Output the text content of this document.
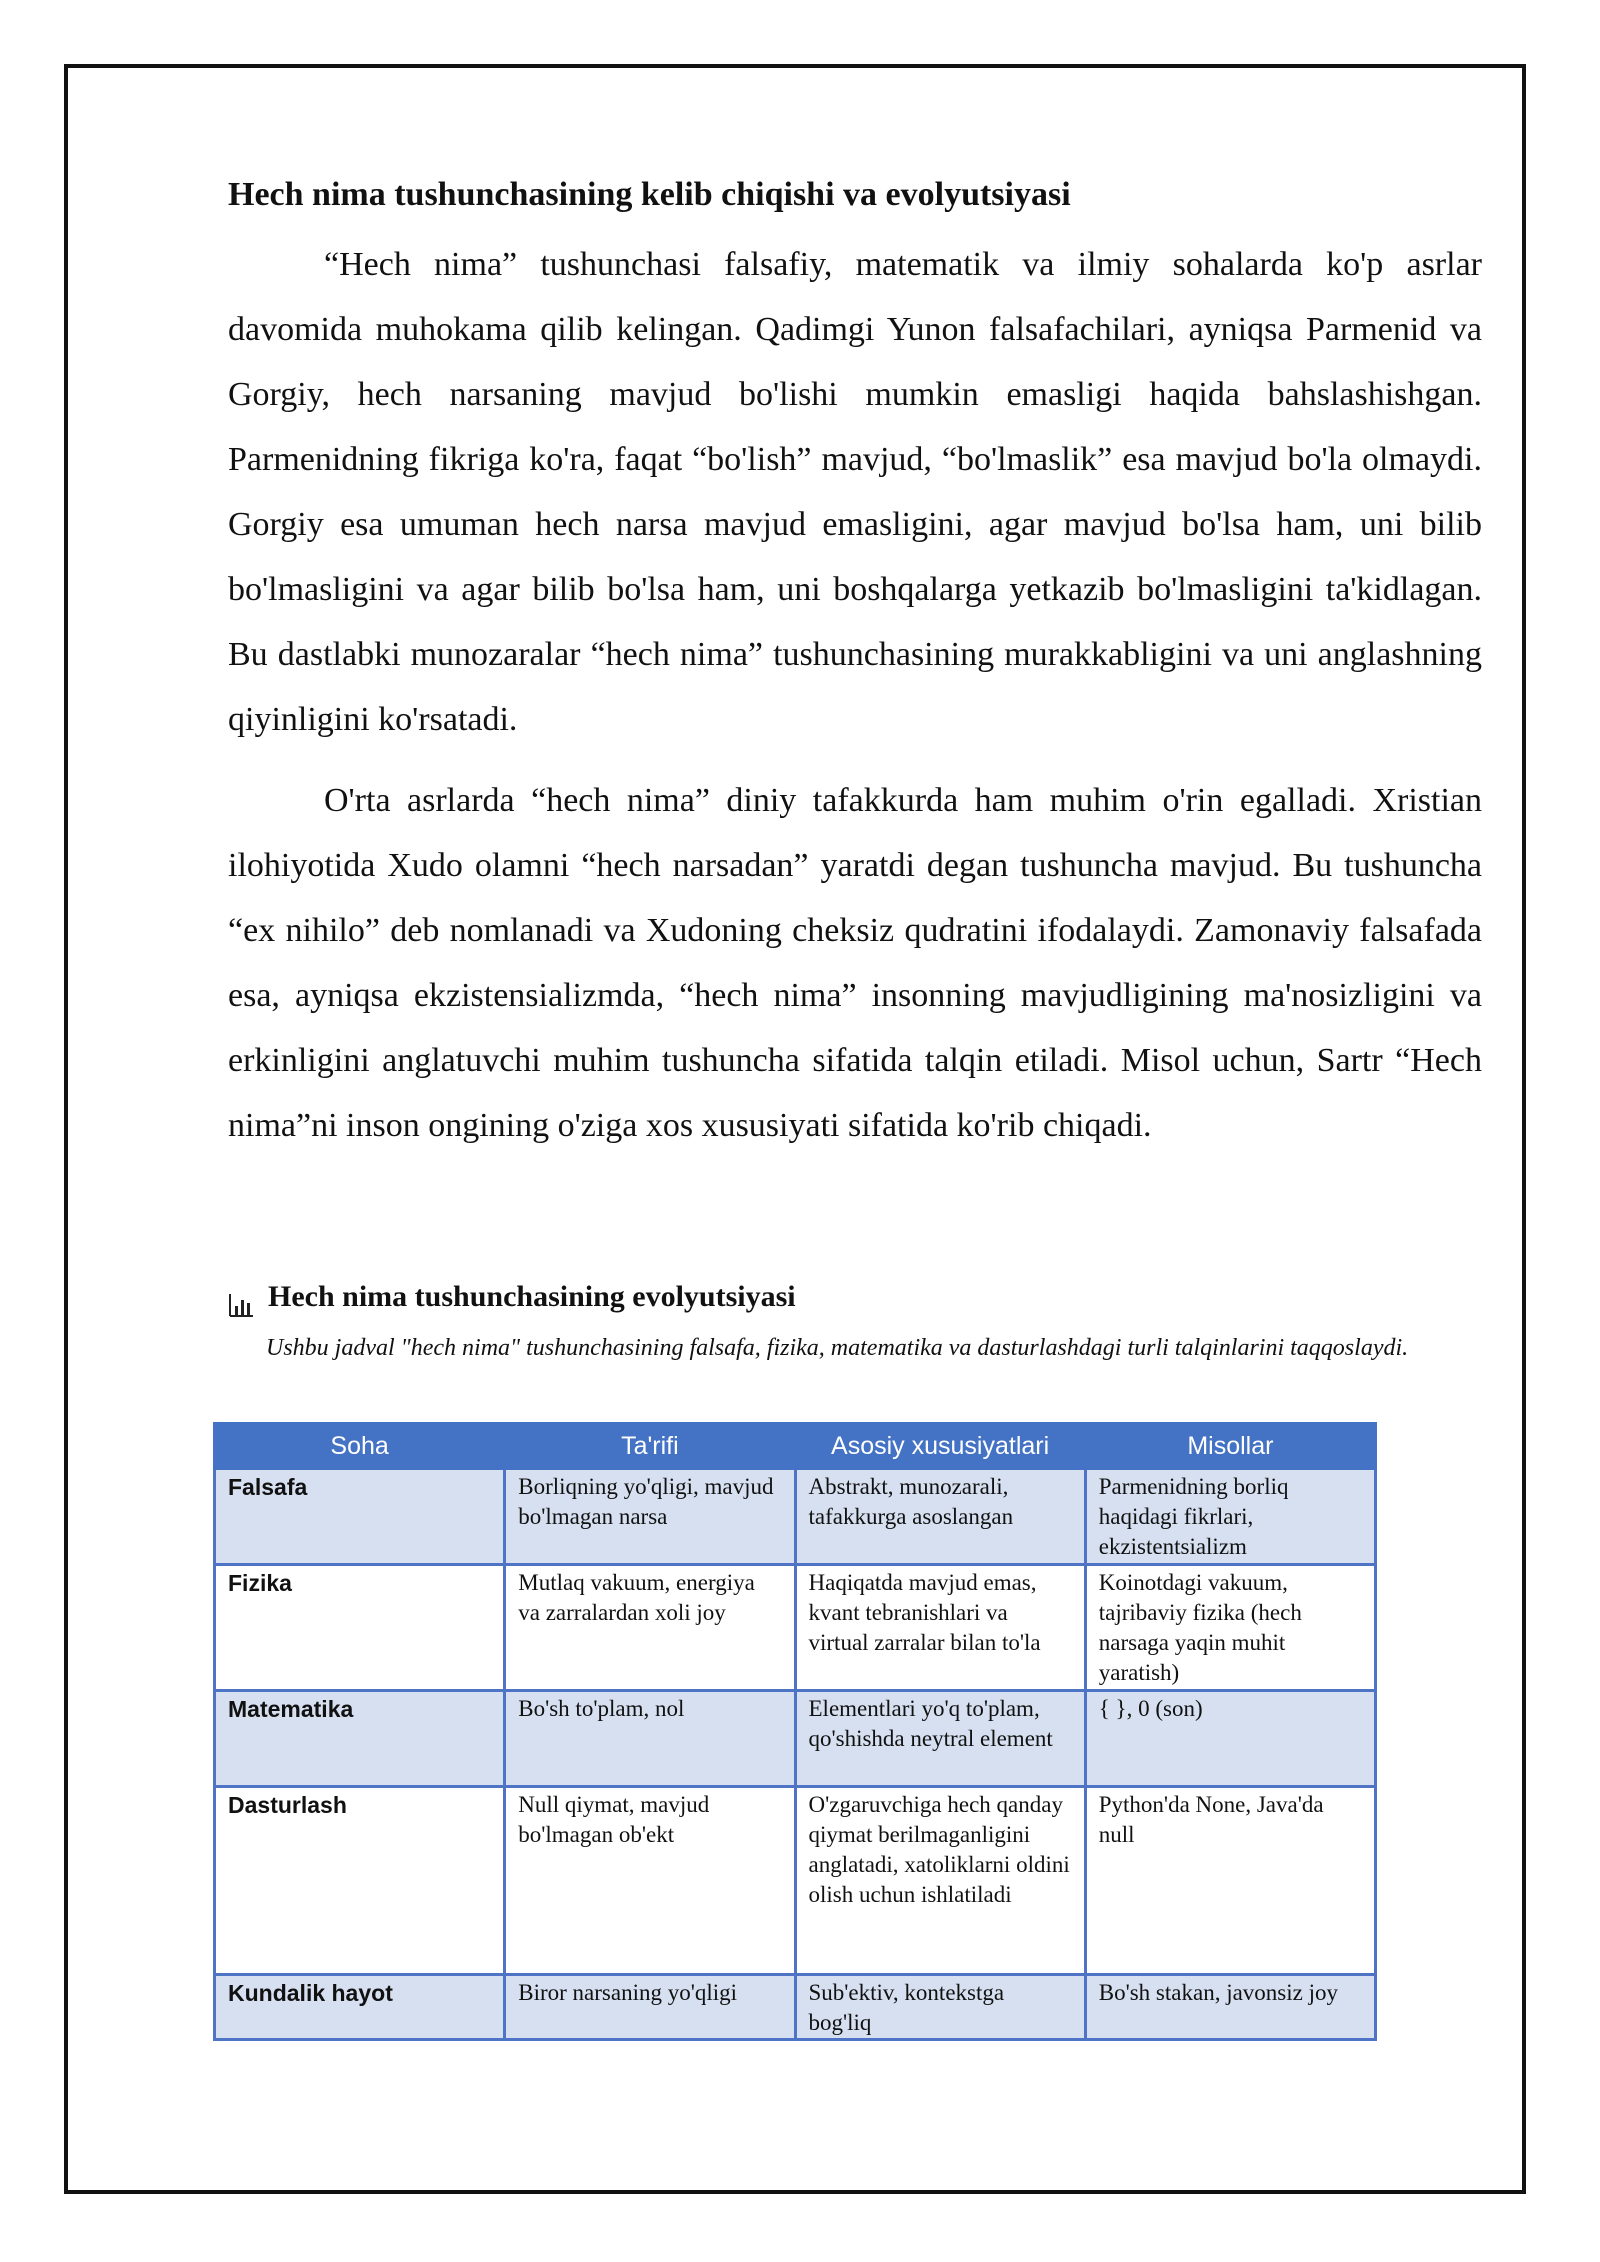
Hech nima tushunchasining kelib chiqishi va evolyutsiyasi

“Hech nima” tushunchasi falsafiy, matematik va ilmiy sohalarda ko'p asrlar davomida muhokama qilib kelingan. Qadimgi Yunon falsafachilari, ayniqsa Parmenid va Gorgiy, hech narsaning mavjud bo'lishi mumkin emasligi haqida bahslashishgan. Parmenidning fikriga ko'ra, faqat “bo'lish” mavjud, “bo'lmaslik” esa mavjud bo'la olmaydi. Gorgiy esa umuman hech narsa mavjud emasligini, agar mavjud bo'lsa ham, uni bilib bo'lmasligini va agar bilib bo'lsa ham, uni boshqalarga yetkazib bo'lmasligini ta'kidlagan. Bu dastlabki munozaralar “hech nima” tushunchasining murakkabligini va uni anglashning qiyinligini ko'rsatadi.

O'rta asrlarda “hech nima” diniy tafakkurda ham muhim o'rin egalladi. Xristian ilohiyotida Xudo olamni “hech narsadan” yaratdi degan tushuncha mavjud. Bu tushuncha “ex nihilo” deb nomlanadi va Xudoning cheksiz qudratini ifodalaydi. Zamonaviy falsafada esa, ayniqsa ekzistensializmda, “hech nima” insonning mavjudligining ma'nosizligini va erkinligini anglatuvchi muhim tushuncha sifatida talqin etiladi. Misol uchun, Sartr “Hech nima”ni inson ongining o'ziga xos xususiyati sifatida ko'rib chiqadi.

Hech nima tushunchasining evolyutsiyasi
Ushbu jadval "hech nima" tushunchasining falsafa, fizika, matematika va dasturlashdagi turli talqinlarini taqqoslaydi.
Soha	Ta'rifi	Asosiy xususiyatlari	Misollar
Falsafa	Borliqning yo'qligi, mavjud bo'lmagan narsa	Abstrakt, munozarali, tafakkurga asoslangan	Parmenidning borliq haqidagi fikrlari, ekzistentsializm
Fizika	Mutlaq vakuum, energiya va zarralardan xoli joy	Haqiqatda mavjud emas, kvant tebranishlari va virtual zarralar bilan to'la	Koinotdagi vakuum, tajribaviy fizika (hech narsaga yaqin muhit yaratish)
Matematika	Bo'sh to'plam, nol	Elementlari yo'q to'plam, qo'shishda neytral element	{ }, 0 (son)
Dasturlash	Null qiymat, mavjud bo'lmagan ob'ekt	O'zgaruvchiga hech qanday qiymat berilmaganligini anglatadi, xatoliklarni oldini olish uchun ishlatiladi	Python'da None, Java'da null
Kundalik hayot	Biror narsaning yo'qligi	Sub'ektiv, kontekstga bog'liq	Bo'sh stakan, javonsiz joy
